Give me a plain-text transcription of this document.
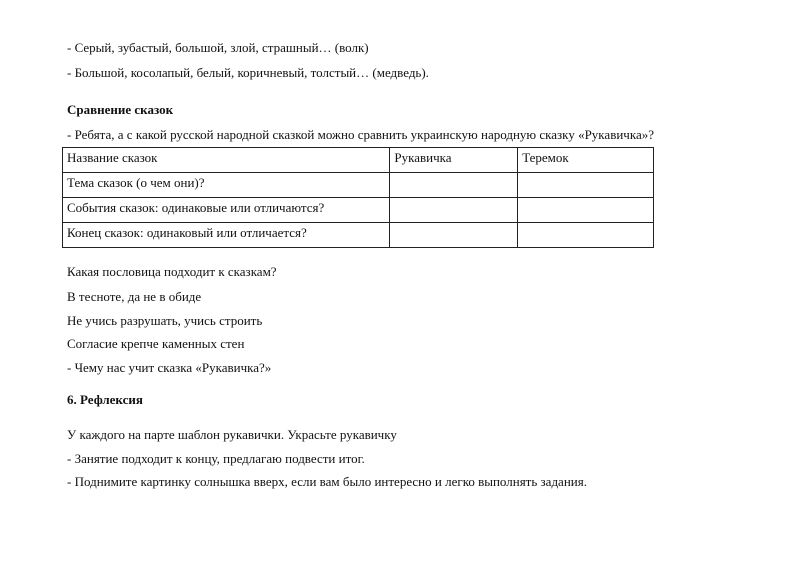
- Серый, зубастый, большой, злой, страшный… (волк)
- Большой, косолапый, белый, коричневый, толстый… (медведь).
Сравнение сказок
- Ребята, а с какой русской народной сказкой можно сравнить украинскую народную сказку «Рукавичка»?
Название сказок	Рукавичка	Теремок
Тема сказок (о чем они)?		
События сказок: одинаковые или отличаются?		
Конец сказок: одинаковый или отличается?		
Какая пословица подходит к сказкам?
В тесноте, да не в обиде
Не учись разрушать, учись строить
Согласие крепче каменных стен
- Чему нас учит сказка «Рукавичка?»
6. Рефлексия
У каждого на парте шаблон рукавички. Украсьте рукавичку
- Занятие подходит к концу, предлагаю подвести итог.
- Поднимите картинку солнышка вверх, если вам было интересно и легко выполнять задания.
